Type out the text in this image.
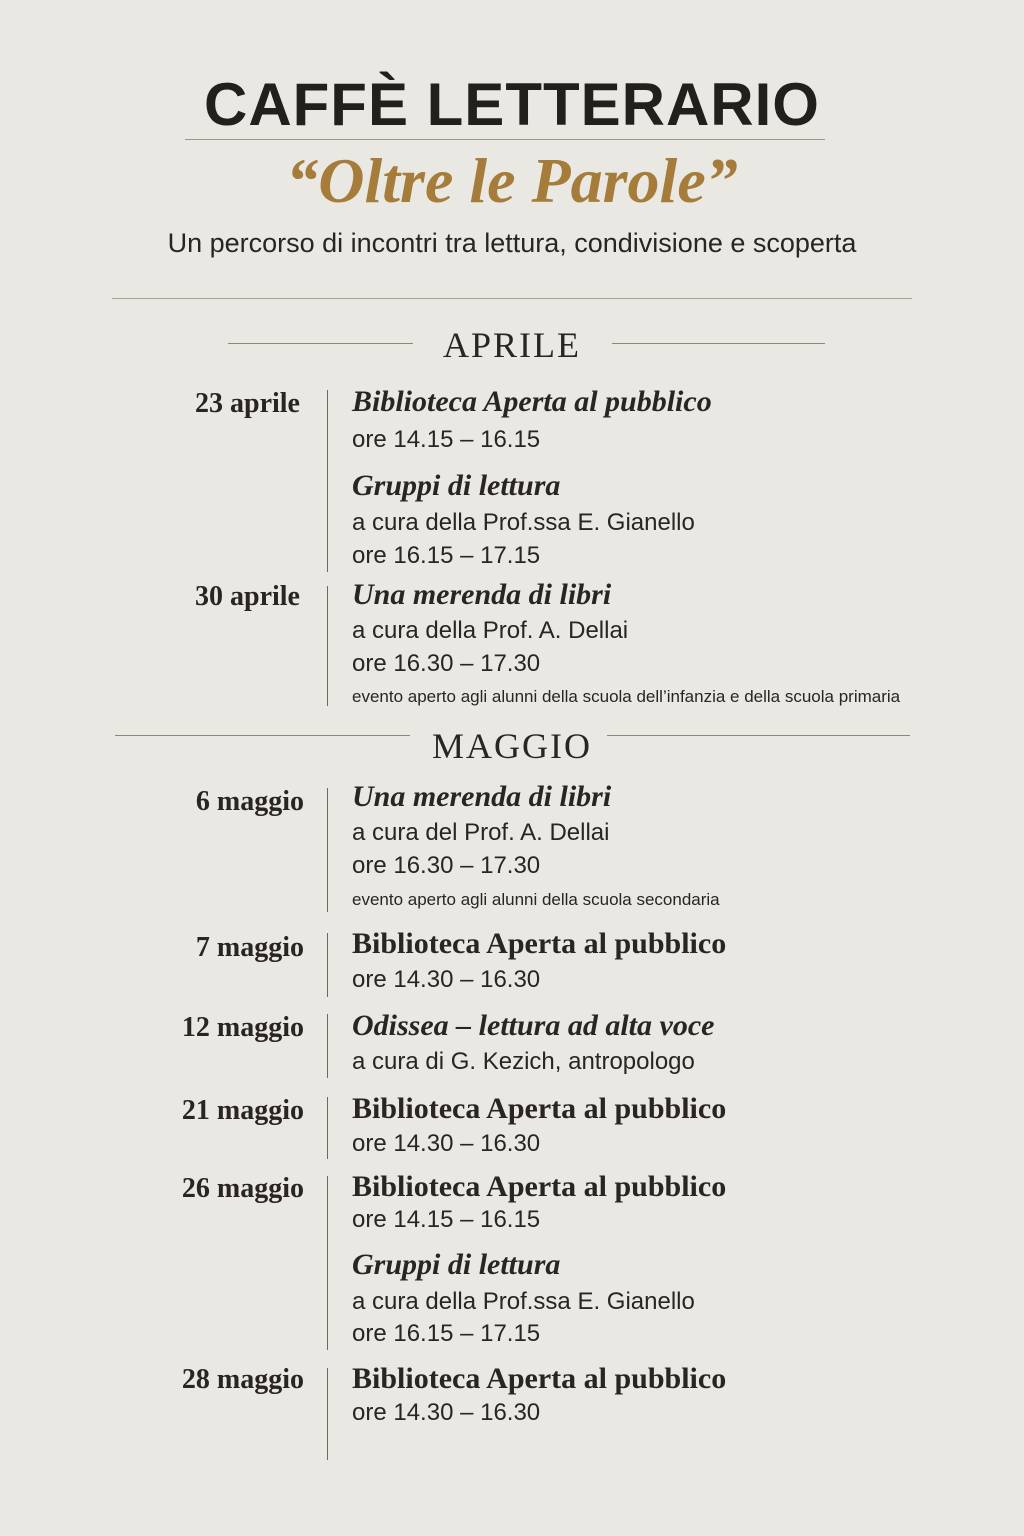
CAFFÈ LETTERARIO
“Oltre le Parole”
Un percorso di incontri tra lettura, condivisione e scoperta
APRILE
23 aprile Biblioteca Aperta al pubblico
ore 14.15 – 16.15
Gruppi di lettura
a cura della Prof.ssa E. Gianello
ore 16.15 – 17.15
30 aprile Una merenda di libri
a cura della Prof. A. Dellai
ore 16.30 – 17.30
evento aperto agli alunni della scuola dell’infanzia e della scuola primaria
MAGGIO
6 maggio Una merenda di libri
a cura del Prof. A. Dellai
ore 16.30 – 17.30
evento aperto agli alunni della scuola secondaria
7 maggio Biblioteca Aperta al pubblico
ore 14.30 – 16.30
12 maggio Odissea – lettura ad alta voce
a cura di G. Kezich, antropologo
21 maggio Biblioteca Aperta al pubblico
ore 14.30 – 16.30
26 maggio Biblioteca Aperta al pubblico
ore 14.15 – 16.15
Gruppi di lettura
a cura della Prof.ssa E. Gianello
ore 16.15 – 17.15
28 maggio Biblioteca Aperta al pubblico
ore 14.30 – 16.30
